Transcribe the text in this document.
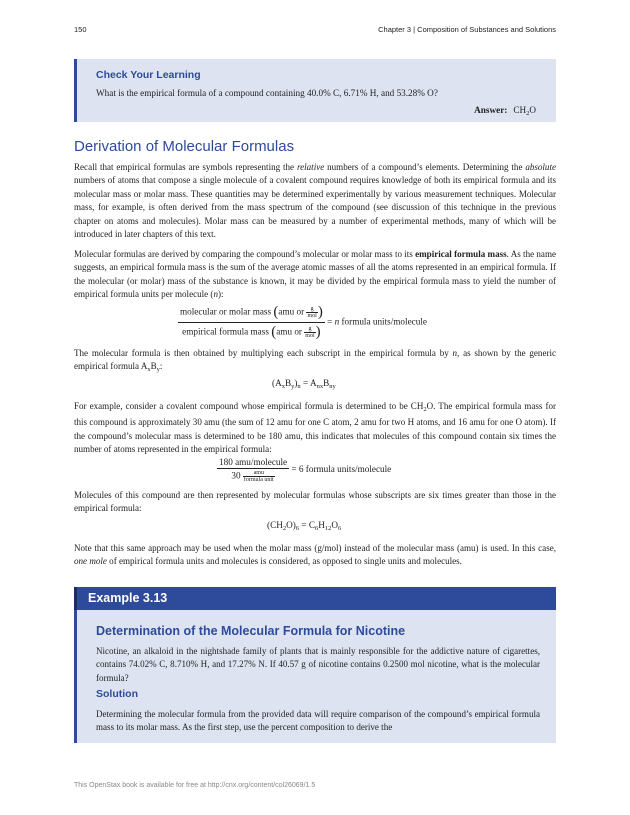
150	Chapter 3 | Composition of Substances and Solutions
Check Your Learning
What is the empirical formula of a compound containing 40.0% C, 6.71% H, and 53.28% O?
Answer: $CH_2O$
Derivation of Molecular Formulas
Recall that empirical formulas are symbols representing the relative numbers of a compound’s elements. Determining the absolute numbers of atoms that compose a single molecule of a covalent compound requires knowledge of both its empirical formula and its molecular mass or molar mass. These quantities may be determined experimentally by various measurement techniques. Molecular mass, for example, is often derived from the mass spectrum of the compound (see discussion of this technique in the previous chapter on atoms and molecules). Molar mass can be measured by a number of experimental methods, many of which will be introduced in later chapters of this text.
Molecular formulas are derived by comparing the compound’s molecular or molar mass to its empirical formula mass. As the name suggests, an empirical formula mass is the sum of the average atomic masses of all the atoms represented in an empirical formula. If the molecular (or molar) mass of the substance is known, it may be divided by the empirical formula mass to yield the number of empirical formula units per molecule (n):
$\frac{molecular or molar mass (amu or \frac{g}{\text{mol}} )}{empirical formula mass (amu or \frac{g}{\text{mol}} )} = n$ formula units/molecule
The molecular formula is then obtained by multiplying each subscript in the empirical formula by n, as shown by the generic empirical formula $A_xB_y$:
$(A_xB_y)_n = A_{nx}B_{ny}$
For example, consider a covalent compound whose empirical formula is determined to be $CH_2O$. The empirical formula mass for this compound is approximately 30 amu (the sum of 12 amu for one C atom, 2 amu for two H atoms, and 16 amu for one O atom). If the compound’s molecular mass is determined to be 180 amu, this indicates that molecules of this compound contain six times the number of atoms represented in the empirical formula:
$\frac{\text{180 amu/molecule}}{30 \frac{\text{amu}}{\text{formula unit}}} = 6$ formula units/molecule
Molecules of this compound are then represented by molecular formulas whose subscripts are six times greater than those in the empirical formula:
$(CH_2O)_6 = C_6H_{12}O_6$
Note that this same approach may be used when the molar mass (g/mol) instead of the molecular mass (amu) is used. In this case, one mole of empirical formula units and molecules is considered, as opposed to single units and molecules.
Example 3.13
Determination of the Molecular Formula for Nicotine
Nicotine, an alkaloid in the nightshade family of plants that is mainly responsible for the addictive nature of cigarettes, contains 74.02% C, 8.710% H, and 17.27% N. If 40.57 g of nicotine contains 0.2500 mol nicotine, what is the molecular formula?
Solution
Determining the molecular formula from the provided data will require comparison of the compound’s empirical formula mass to its molar mass. As the first step, use the percent composition to derive the
This OpenStax book is available for free at http://cnx.org/content/col26069/1.5
